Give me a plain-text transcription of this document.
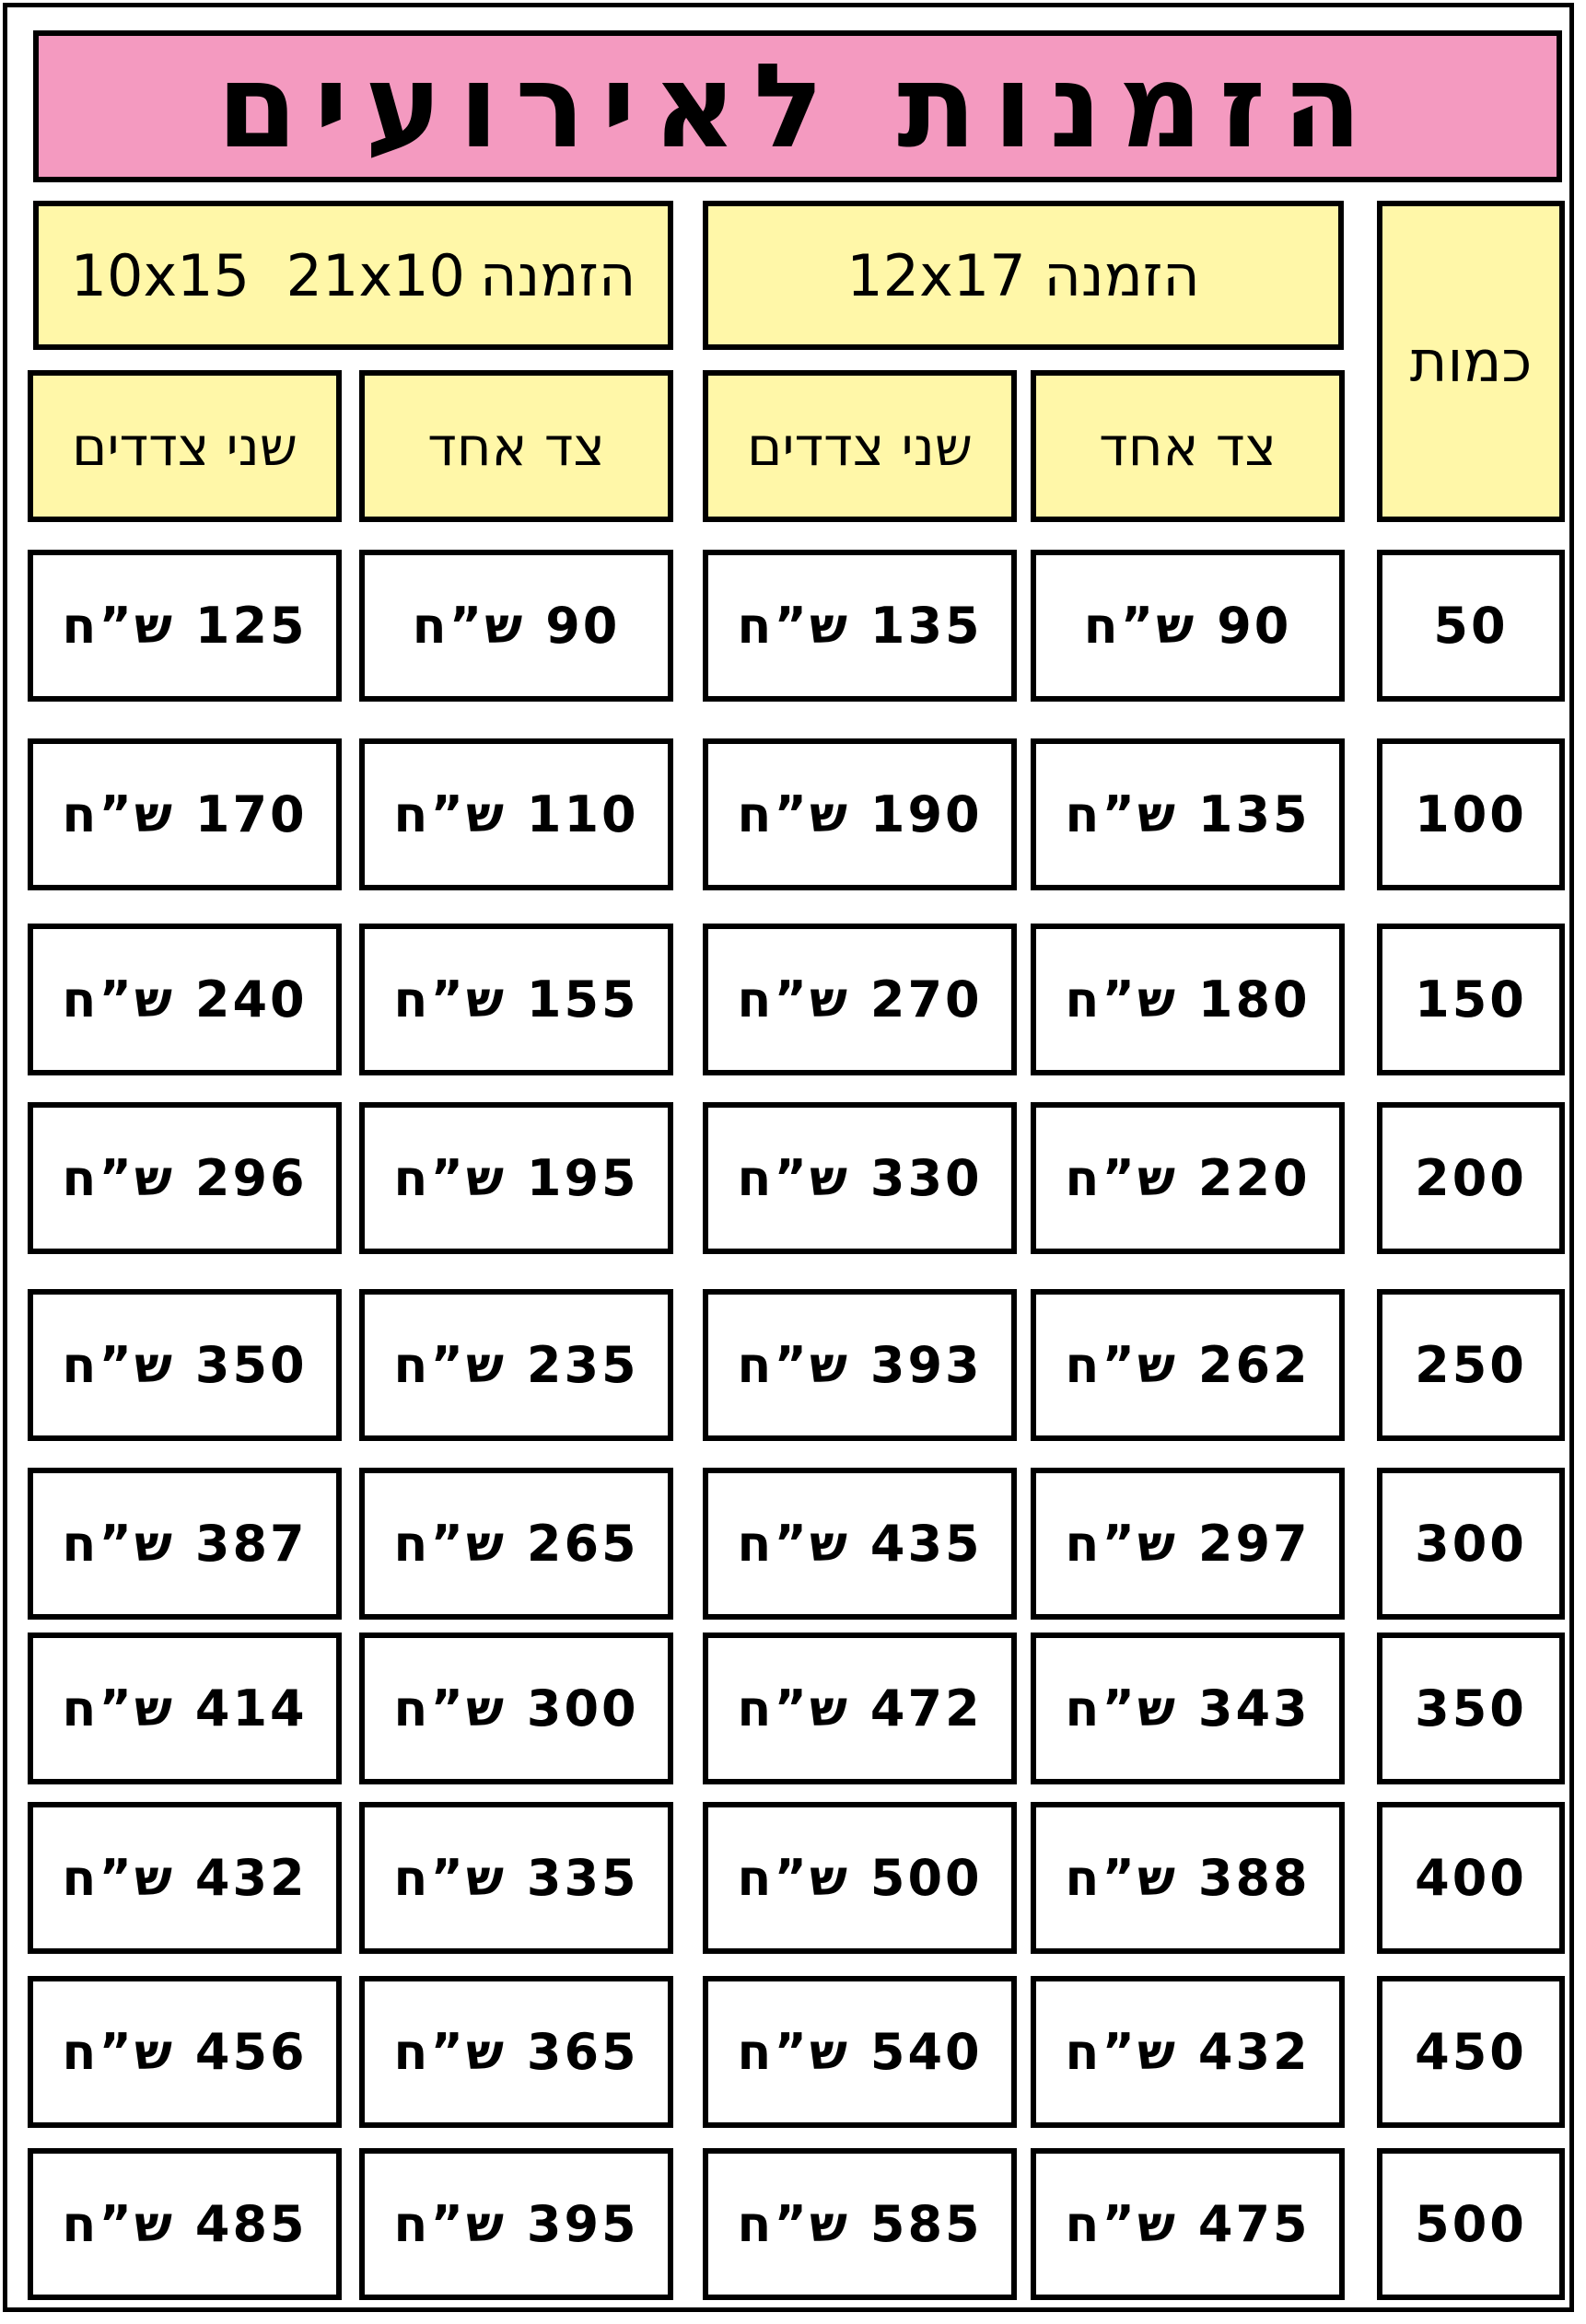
הזמנות לאירועים
10x15  21x10 הזמנה	הזמנה 12x17
כמות
צד אחד
שני צדדים
צד אחד
שני צדדים
50
90
ש”ח
135
ש”ח
90
ש”ח
125
ש”ח
100
135
ש”ח
190
ש”ח
110
ש”ח
170
ש”ח
150
180
ש”ח
270
ש”ח
155
ש”ח
240
ש”ח
200
220
ש”ח
330
ש”ח
195
ש”ח
296
ש”ח
250
262
ש”ח
393
ש”ח
235
ש”ח
350
ש”ח
300
297
ש”ח
435
ש”ח
265
ש”ח
387
ש”ח
350
343
ש”ח
472
ש”ח
300
ש”ח
414
ש”ח
400
388
ש”ח
500
ש”ח
335
ש”ח
432
ש”ח
450
432
ש”ח
540
ש”ח
365
ש”ח
456
ש”ח
500
475
ש”ח
585
ש”ח
395
ש”ח
485
ש”ח
